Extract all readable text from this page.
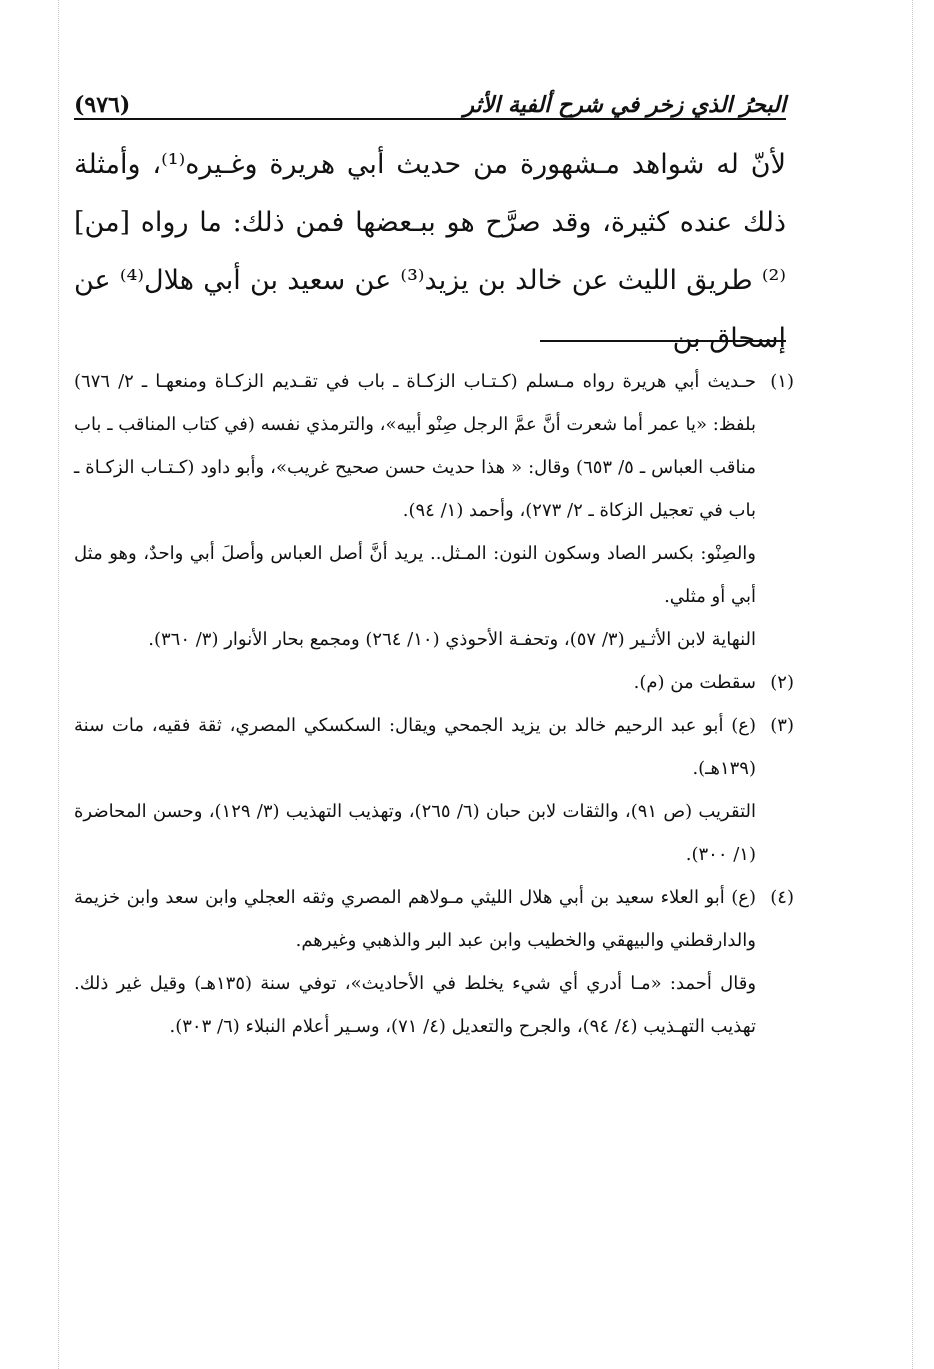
البحرُ الذي زخر في شرح ألفية الأثر
(٩٧٦)

لأنّ له شواهد مـشهورة من حديث أبي هريرة وغـيره⁽¹⁾، وأمثلة ذلك عنده كثيرة، وقد صرَّح هو ببـعضها فمن ذلك: ما رواه [من]⁽²⁾ طريق الليث عن خالد بن يزيد⁽³⁾ عن سعيد بن أبي هلال⁽⁴⁾ عن إسحاق بن

(١)

حـديث أبي هريرة رواه مـسلم (كـتـاب الزكـاة ـ باب في تقـديم الزكـاة ومنعهـا ـ ٢/ ٦٧٦) بلفظ: «يا عمر أما شعرت أنَّ عمَّ الرجل صِنْو أبيه»، والترمذي نفسه (في كتاب المناقب ـ باب مناقب العباس ـ ٥/ ٦٥٣) وقال: « هذا حديث حسن صحيح غريب»، وأبو داود (كـتـاب الزكـاة ـ باب في تعجيل الزكاة ـ ٢/ ٢٧٣)، وأحمد (١/ ٩٤).

والصِنْو: بكسر الصاد وسكون النون: المـثل.. يريد أنَّ أصل العباس وأصلَ أبي واحدٌ، وهو مثل أبي أو مثلي.

النهاية لابن الأثـير (٣/ ٥٧)، وتحفـة الأحوذي (١٠/ ٢٦٤) ومجمع بحار الأنوار (٣/ ٣٦٠).

(٢)

سقطت من (م).

(٣)

(ع) أبو عبد الرحيم خالد بن يزيد الجمحي ويقال: السكسكي المصري، ثقة فقيه، مات سنة (١٣٩هـ).

التقريب (ص ٩١)، والثقات لابن حبان (٦/ ٢٦٥)، وتهذيب التهذيب (٣/ ١٢٩)، وحسن المحاضرة (١/ ٣٠٠).

(٤)

(ع) أبو العلاء سعيد بن أبي هلال الليثي مـولاهم المصري وثقه العجلي وابن سعد وابن خزيمة والدارقطني والبيهقي والخطيب وابن عبد البر والذهبي وغيرهم.

وقال أحمد: «مـا أدري أي شيء يخلط في الأحاديث»، توفي سنة (١٣٥هـ) وقيل غير ذلك. تهذيب التهـذيب (٤/ ٩٤)، والجرح والتعديل (٤/ ٧١)، وسـير أعلام النبلاء (٦/ ٣٠٣).
